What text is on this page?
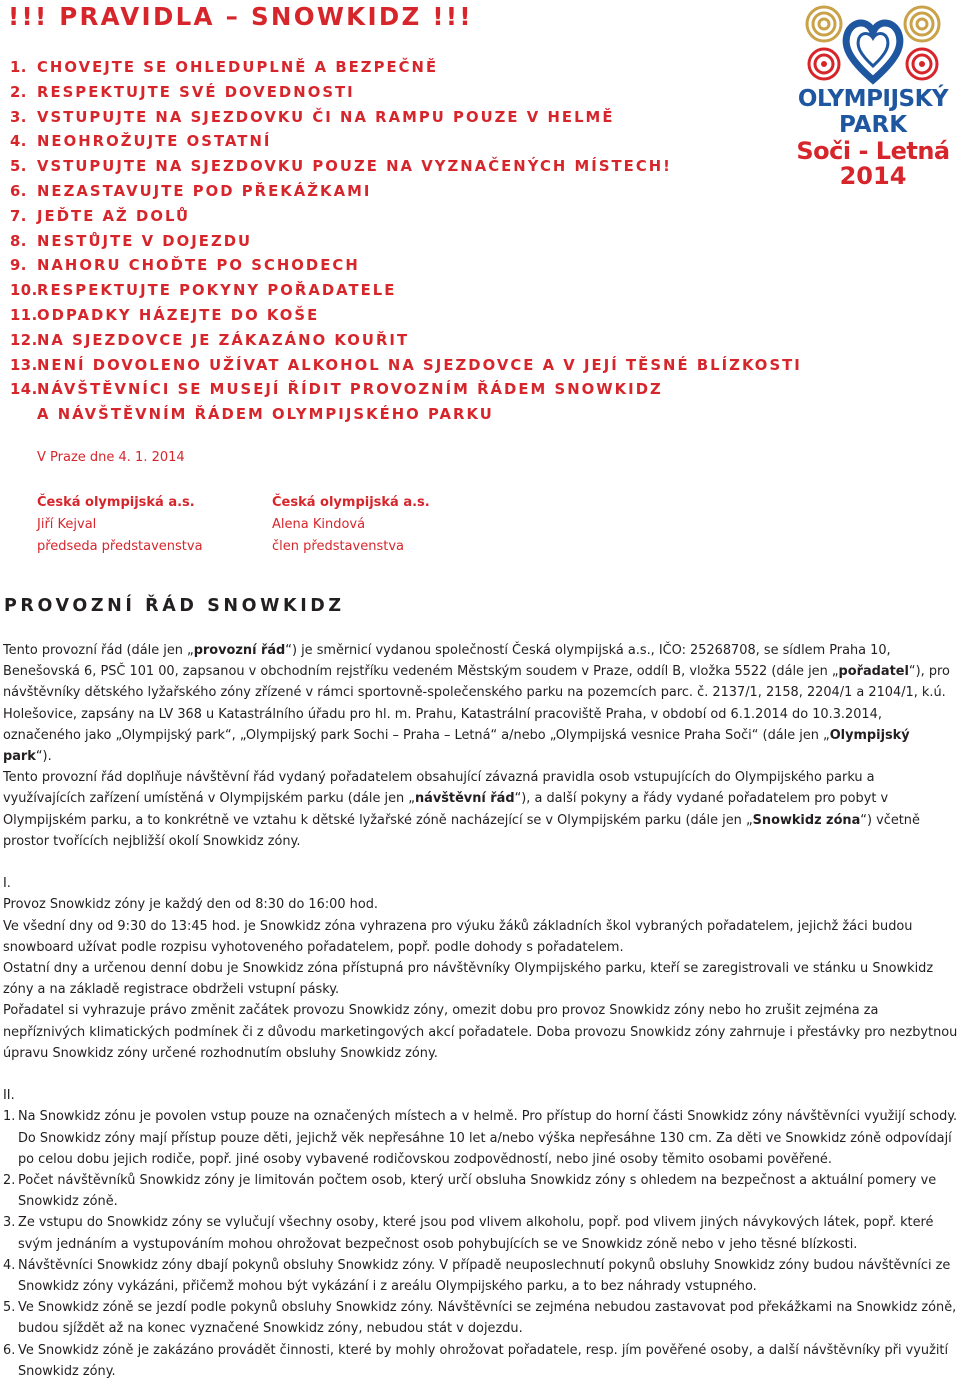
!!! PRAVIDLA – SNOWKIDZ !!!
1. CHOVEJTE SE OHLEDUPLNĚ A BEZPEČNĚ
2. RESPEKTUJTE SVÉ DOVEDNOSTI
3. VSTUPUJTE NA SJEZDOVKU ČI NA RAMPU POUZE V HELMĚ
4. NEOHROŽUJTE OSTATNÍ
5. VSTUPUJTE NA SJEZDOVKU POUZE NA VYZNAČENÝCH MÍSTECH!
6. NEZASTAVUJTE POD PŘEKÁŽKAMI
7. JEĎTE AŽ DOLŮ
8. NESTŮJTE V DOJEZDU
9. NAHORU CHOĎTE PO SCHODECH
10.RESPEKTUJTE POKYNY POŘADATELE
11.ODPADKY HÁZEJTE DO KOŠE
12.NA SJEZDOVCE JE ZÁKAZÁNO KOUŘIT
13.NENÍ DOVOLENO UŽÍVAT ALKOHOL NA SJEZDOVCE A V JEJÍ TĚSNÉ BLÍZKOSTI
14.NÁVŠTĚVNÍCI SE MUSEJÍ ŘÍDIT PROVOZNÍM ŘÁDEM SNOWKIDZ
A NÁVŠTĚVNÍM ŘÁDEM OLYMPIJSKÉHO PARKU
OLYMPIJSKÝ
PARK
Soči - Letná
2014

V Praze dne 4. 1. 2014

Česká olympijská a.s.
Jiří Kejval
předseda představenstva
Česká olympijská a.s.
Alena Kindová
člen představenstva
PROVOZNÍ ŘÁD SNOWKIDZ

Tento provozní řád (dále jen „provozní řád“) je směrnicí vydanou společností Česká olympijská a.s., IČO: 25268708, se sídlem Praha 10, Benešovská 6, PSČ 101 00, zapsanou v obchodním rejstříku vedeném Městským soudem v Praze, oddíl B, vložka 5522 (dále jen „pořadatel“), pro návštěvníky dětského lyžařského zóny zřízené v rámci sportovně-společenského parku na pozemcích parc. č. 2137/1, 2158, 2204/1 a 2104/1, k.ú. Holešovice, zapsány na LV 368 u Katastrálního úřadu pro hl. m. Prahu, Katastrální pracoviště Praha, v období od 6.1.2014 do 10.3.2014, označeného jako „Olympijský park“, „Olympijský park Sochi – Praha – Letná“ a/nebo „Olympijská vesnice Praha Soči“ (dále jen „Olympijský park“).

Tento provozní řád doplňuje návštěvní řád vydaný pořadatelem obsahující závazná pravidla osob vstupujících do Olympijského parku a využívajících zařízení umístěná v Olympijském parku (dále jen „návštěvní řád“), a další pokyny a řády vydané pořadatelem pro pobyt v Olympijském parku, a to konkrétně ve vztahu k dětské lyžařské zóně nacházející se v Olympijském parku (dále jen „Snowkidz zóna“) včetně prostor tvořících nejbližší okolí Snowkidz zóny.

I.

Provoz Snowkidz zóny je každý den od 8:30 do 16:00 hod.

Ve všední dny od 9:30 do 13:45 hod. je Snowkidz zóna vyhrazena pro výuku žáků základních škol vybraných pořadatelem, jejichž žáci budou snowboard užívat podle rozpisu vyhotoveného pořadatelem, popř. podle dohody s pořadatelem.

Ostatní dny a určenou denní dobu je Snowkidz zóna přístupná pro návštěvníky Olympijského parku, kteří se zaregistrovali ve stánku u Snowkidz zóny a na základě registrace obdrželi vstupní pásky.

Pořadatel si vyhrazuje právo změnit začátek provozu Snowkidz zóny, omezit dobu pro provoz Snowkidz zóny nebo ho zrušit zejména za nepříznivých klimatických podmínek či z důvodu marketingových akcí pořadatele. Doba provozu Snowkidz zóny zahrnuje i přestávky pro nezbytnou úpravu Snowkidz zóny určené rozhodnutím obsluhy Snowkidz zóny.

II.

1. Na Snowkidz zónu je povolen vstup pouze na označených místech a v helmě. Pro přístup do horní části Snowkidz zóny návštěvníci využijí schody. Do Snowkidz zóny mají přístup pouze děti, jejichž věk nepřesáhne 10 let a/nebo výška nepřesáhne 130 cm. Za děti ve Snowkidz zóně odpovídají po celou dobu jejich rodiče, popř. jiné osoby vybavené rodičovskou zodpovědností, nebo jiné osoby těmito osobami pověřené.
2. Počet návštěvníků Snowkidz zóny je limitován počtem osob, který určí obsluha Snowkidz zóny s ohledem na bezpečnost a aktuální pomery ve Snowkidz zóně.
3. Ze vstupu do Snowkidz zóny se vylučují všechny osoby, které jsou pod vlivem alkoholu, popř. pod vlivem jiných návykových látek, popř. které svým jednáním a vystupováním mohou ohrožovat bezpečnost osob pohybujících se ve Snowkidz zóně nebo v jeho těsné blízkosti.
4. Návštěvníci Snowkidz zóny dbají pokynů obsluhy Snowkidz zóny. V případě neuposlechnutí pokynů obsluhy Snowkidz zóny budou návštěvníci ze Snowkidz zóny vykázáni, přičemž mohou být vykázání i z areálu Olympijského parku, a to bez náhrady vstupného.
5. Ve Snowkidz zóně se jezdí podle pokynů obsluhy Snowkidz zóny. Návštěvníci se zejména nebudou zastavovat pod překážkami na Snowkidz zóně, budou sjíždět až na konec vyznačené Snowkidz zóny, nebudou stát v dojezdu.
6. Ve Snowkidz zóně je zakázáno provádět činnosti, které by mohly ohrožovat pořadatele, resp. jím pověřené osoby, a další návštěvníky při využití Snowkidz zóny.
